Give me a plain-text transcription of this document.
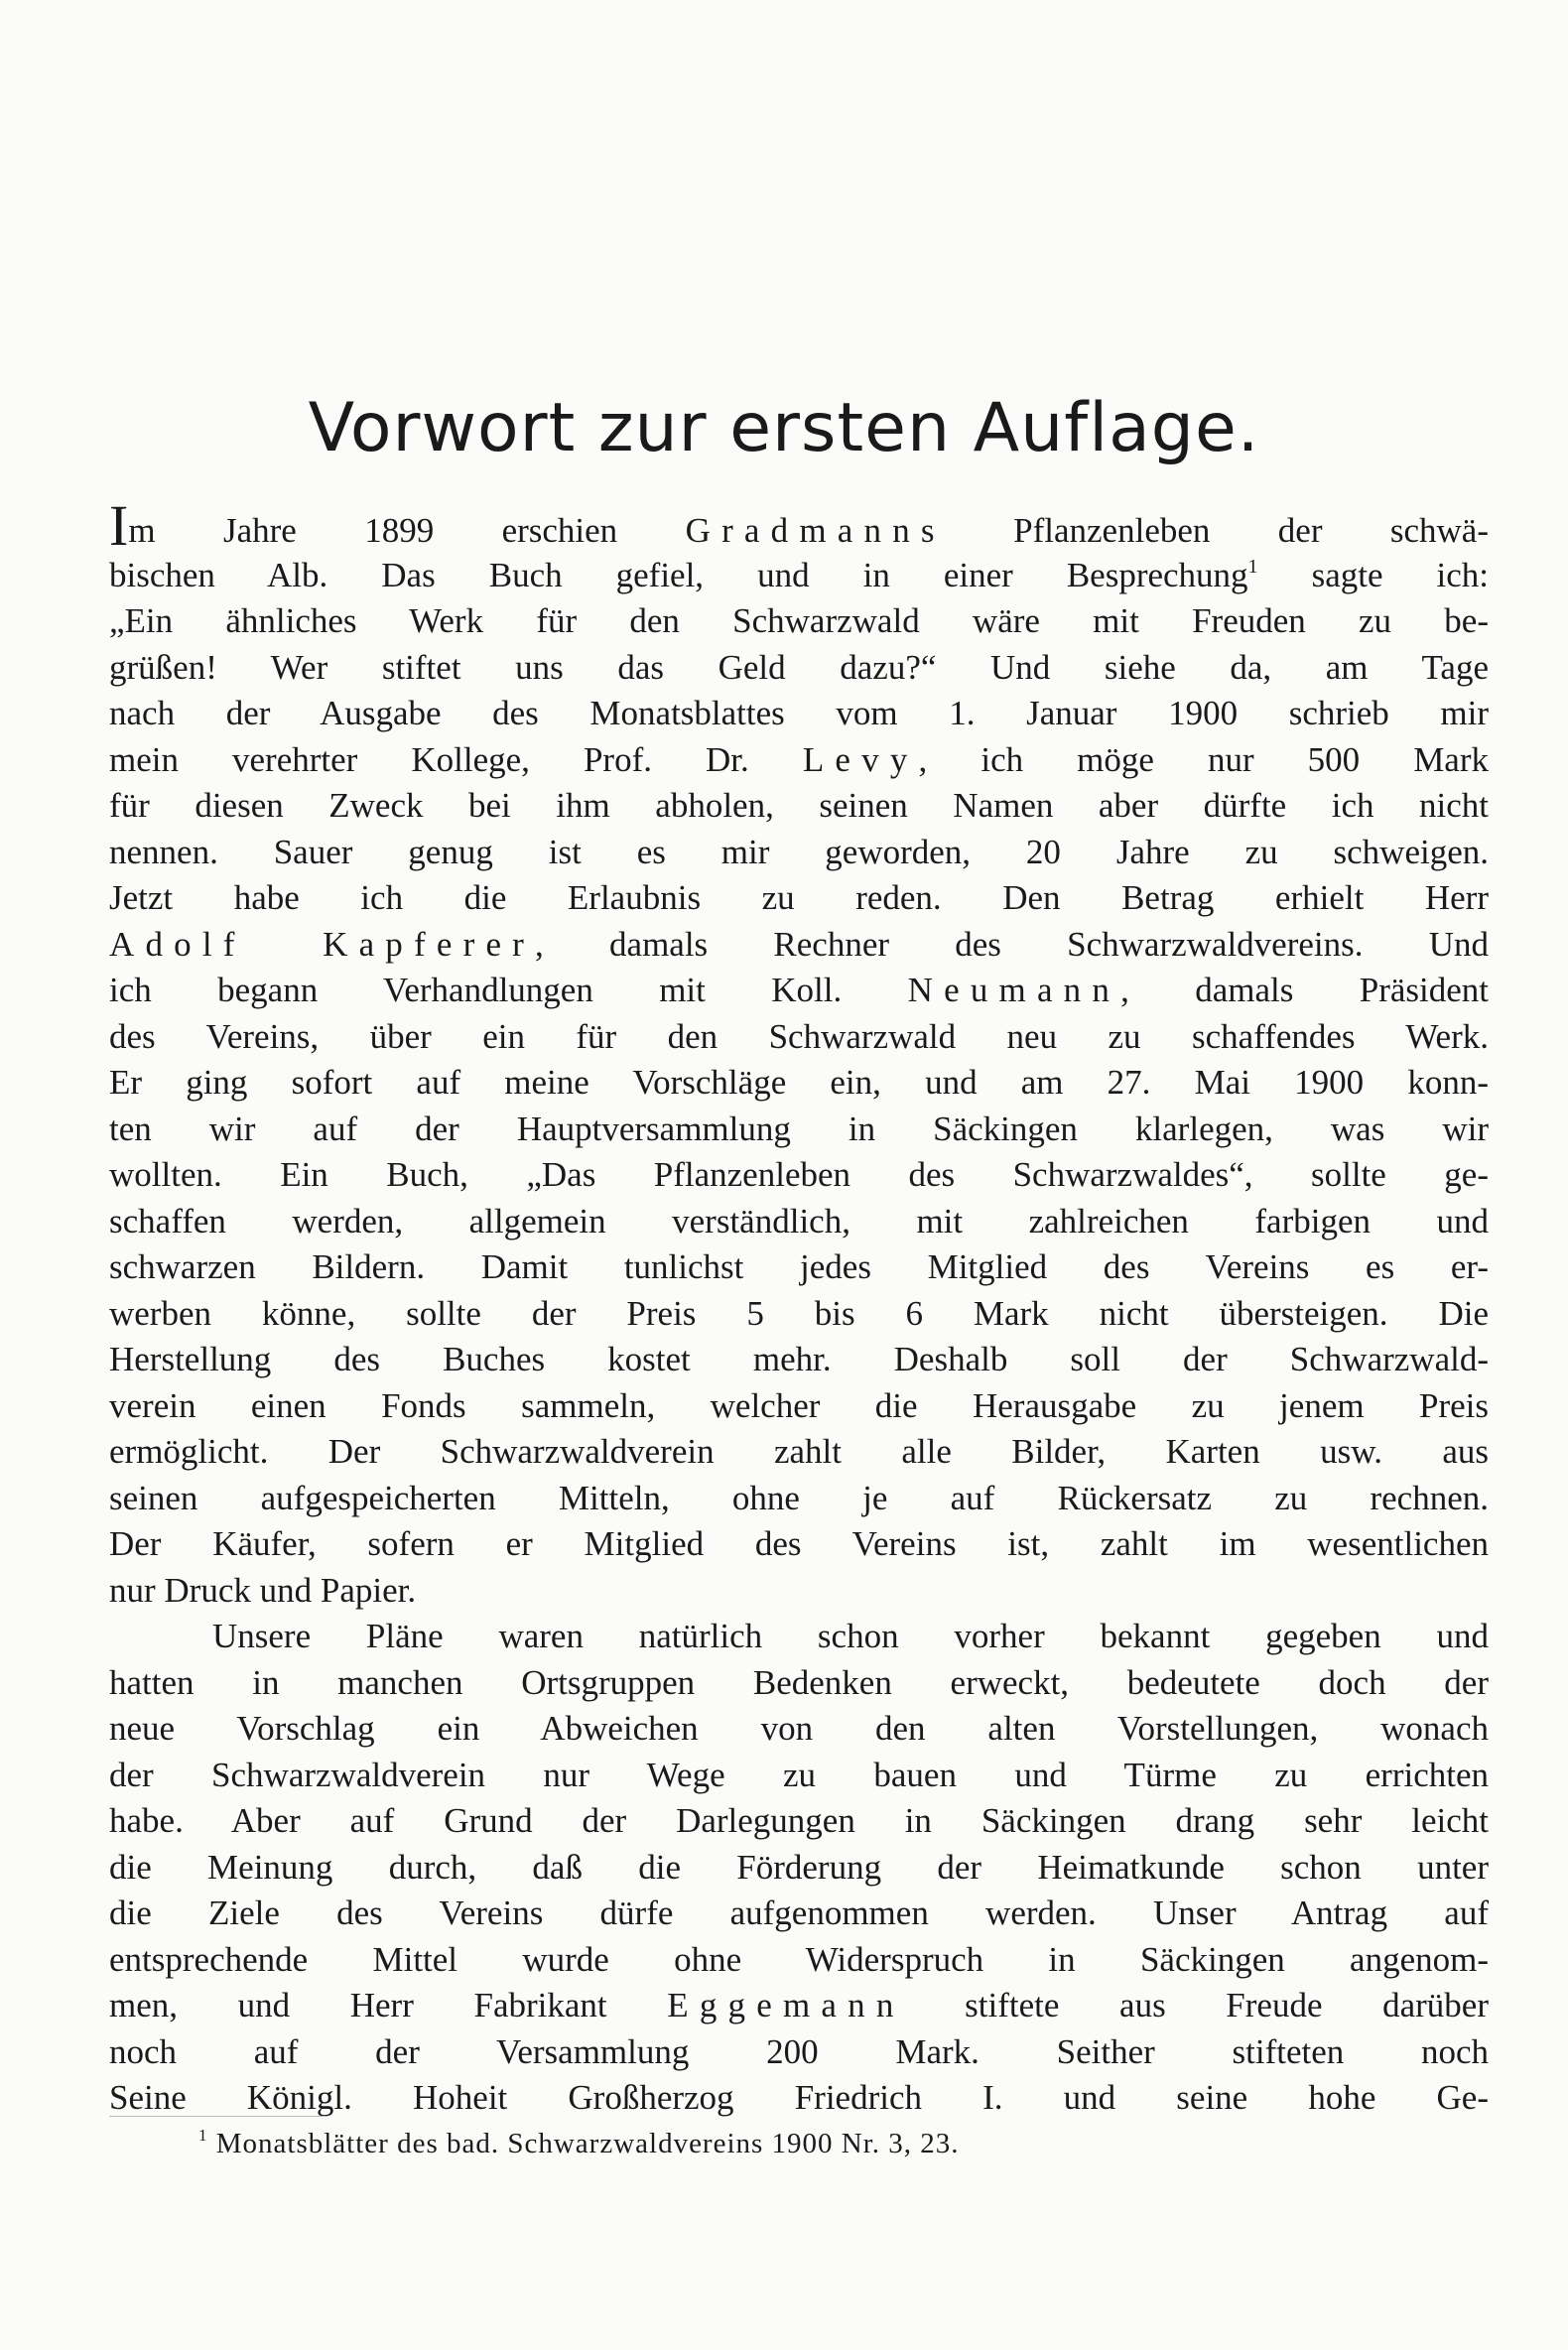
Vorwort zur ersten Auflage.
Im Jahre 1899 erschien Gradmanns Pflanzenleben der schwä-
bischen Alb. Das Buch gefiel, und in einer Besprechung$^1$ sagte ich:
„Ein ähnliches Werk für den Schwarzwald wäre mit Freuden zu be-
grüßen! Wer stiftet uns das Geld dazu?“ Und siehe da, am Tage
nach der Ausgabe des Monatsblattes vom 1. Januar 1900 schrieb mir
mein verehrter Kollege, Prof. Dr. Levy, ich möge nur 500 Mark
für diesen Zweck bei ihm abholen, seinen Namen aber dürfte ich nicht
nennen. Sauer genug ist es mir geworden, 20 Jahre zu schweigen.
Jetzt habe ich die Erlaubnis zu reden. Den Betrag erhielt Herr
Adolf Kapferer, damals Rechner des Schwarzwaldvereins. Und
ich begann Verhandlungen mit Koll. Neumann, damals Präsident
des Vereins, über ein für den Schwarzwald neu zu schaffendes Werk.
Er ging sofort auf meine Vorschläge ein, und am 27. Mai 1900 konn-
ten wir auf der Hauptversammlung in Säckingen klarlegen, was wir
wollten. Ein Buch, „Das Pflanzenleben des Schwarzwaldes“, sollte ge-
schaffen werden, allgemein verständlich, mit zahlreichen farbigen und
schwarzen Bildern. Damit tunlichst jedes Mitglied des Vereins es er-
werben könne, sollte der Preis 5 bis 6 Mark nicht übersteigen. Die
Herstellung des Buches kostet mehr. Deshalb soll der Schwarzwald-
verein einen Fonds sammeln, welcher die Herausgabe zu jenem Preis
ermöglicht. Der Schwarzwaldverein zahlt alle Bilder, Karten usw. aus
seinen aufgespeicherten Mitteln, ohne je auf Rückersatz zu rechnen.
Der Käufer, sofern er Mitglied des Vereins ist, zahlt im wesentlichen
nur Druck und Papier.
Unsere Pläne waren natürlich schon vorher bekannt gegeben und
hatten in manchen Ortsgruppen Bedenken erweckt, bedeutete doch der
neue Vorschlag ein Abweichen von den alten Vorstellungen, wonach
der Schwarzwaldverein nur Wege zu bauen und Türme zu errichten
habe. Aber auf Grund der Darlegungen in Säckingen drang sehr leicht
die Meinung durch, daß die Förderung der Heimatkunde schon unter
die Ziele des Vereins dürfe aufgenommen werden. Unser Antrag auf
entsprechende Mittel wurde ohne Widerspruch in Säckingen angenom-
men, und Herr Fabrikant Eggemann stiftete aus Freude darüber
noch auf der Versammlung 200 Mark. Seither stifteten noch
Seine Königl. Hoheit Großherzog Friedrich I. und seine hohe Ge-
$^1$ Monatsblätter des bad. Schwarzwaldvereins 1900 Nr. 3, 23.
